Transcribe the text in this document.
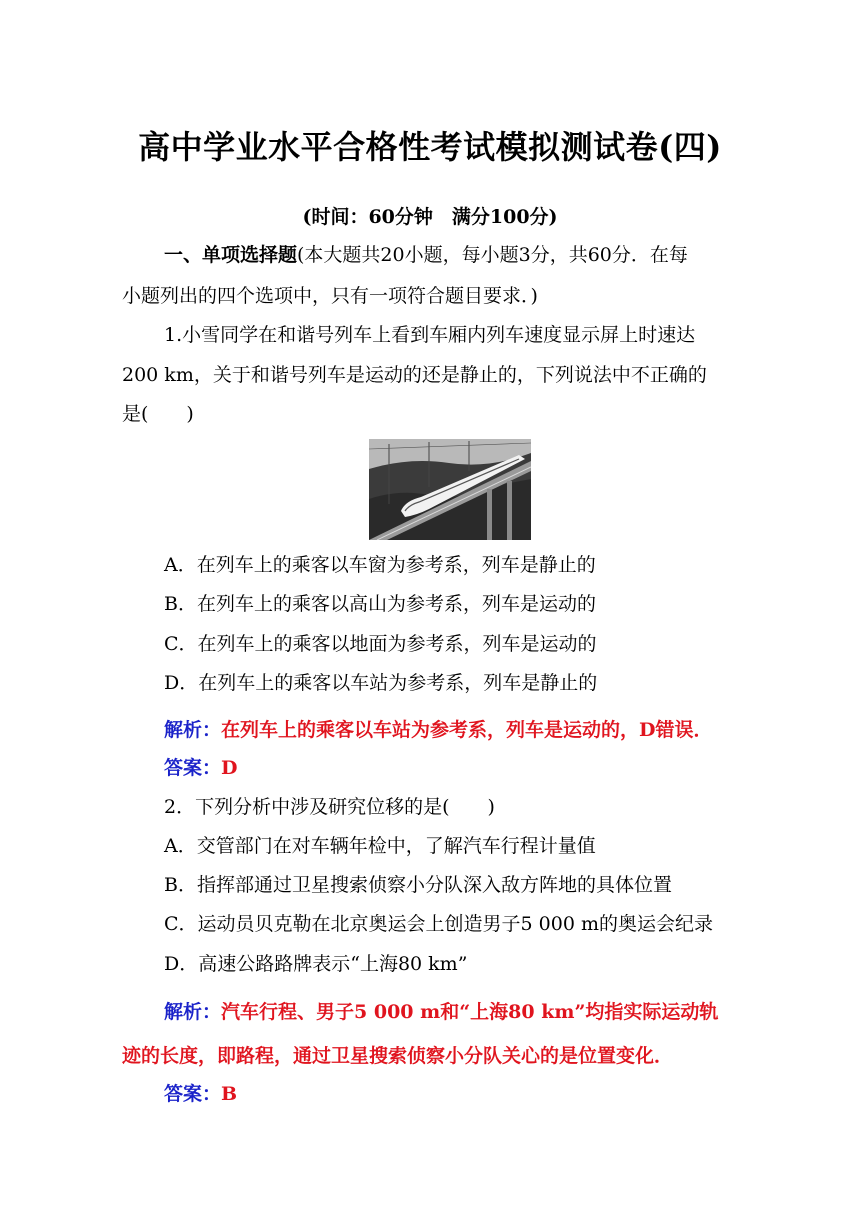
高中学业水平合格性考试模拟测试卷(四)
(时间：60分钟　满分100分)
一、单项选择题(本大题共20小题，每小题3分，共60分．在每
小题列出的四个选项中，只有一项符合题目要求．)
1.小雪同学在和谐号列车上看到车厢内列车速度显示屏上时速达
200 km，关于和谐号列车是运动的还是静止的，下列说法中不正确的
是(　　)
A．在列车上的乘客以车窗为参考系，列车是静止的
B．在列车上的乘客以高山为参考系，列车是运动的
C．在列车上的乘客以地面为参考系，列车是运动的
D．在列车上的乘客以车站为参考系，列车是静止的
解析：在列车上的乘客以车站为参考系，列车是运动的，D错误．
答案：D
2．下列分析中涉及研究位移的是(　　)
A．交管部门在对车辆年检中，了解汽车行程计量值
B．指挥部通过卫星搜索侦察小分队深入敌方阵地的具体位置
C．运动员贝克勒在北京奥运会上创造男子5 000 m的奥运会纪录
D．高速公路路牌表示“上海80 km”
解析：汽车行程、男子5 000 m和“上海80 km”均指实际运动轨
迹的长度，即路程，通过卫星搜索侦察小分队关心的是位置变化．
答案：B
